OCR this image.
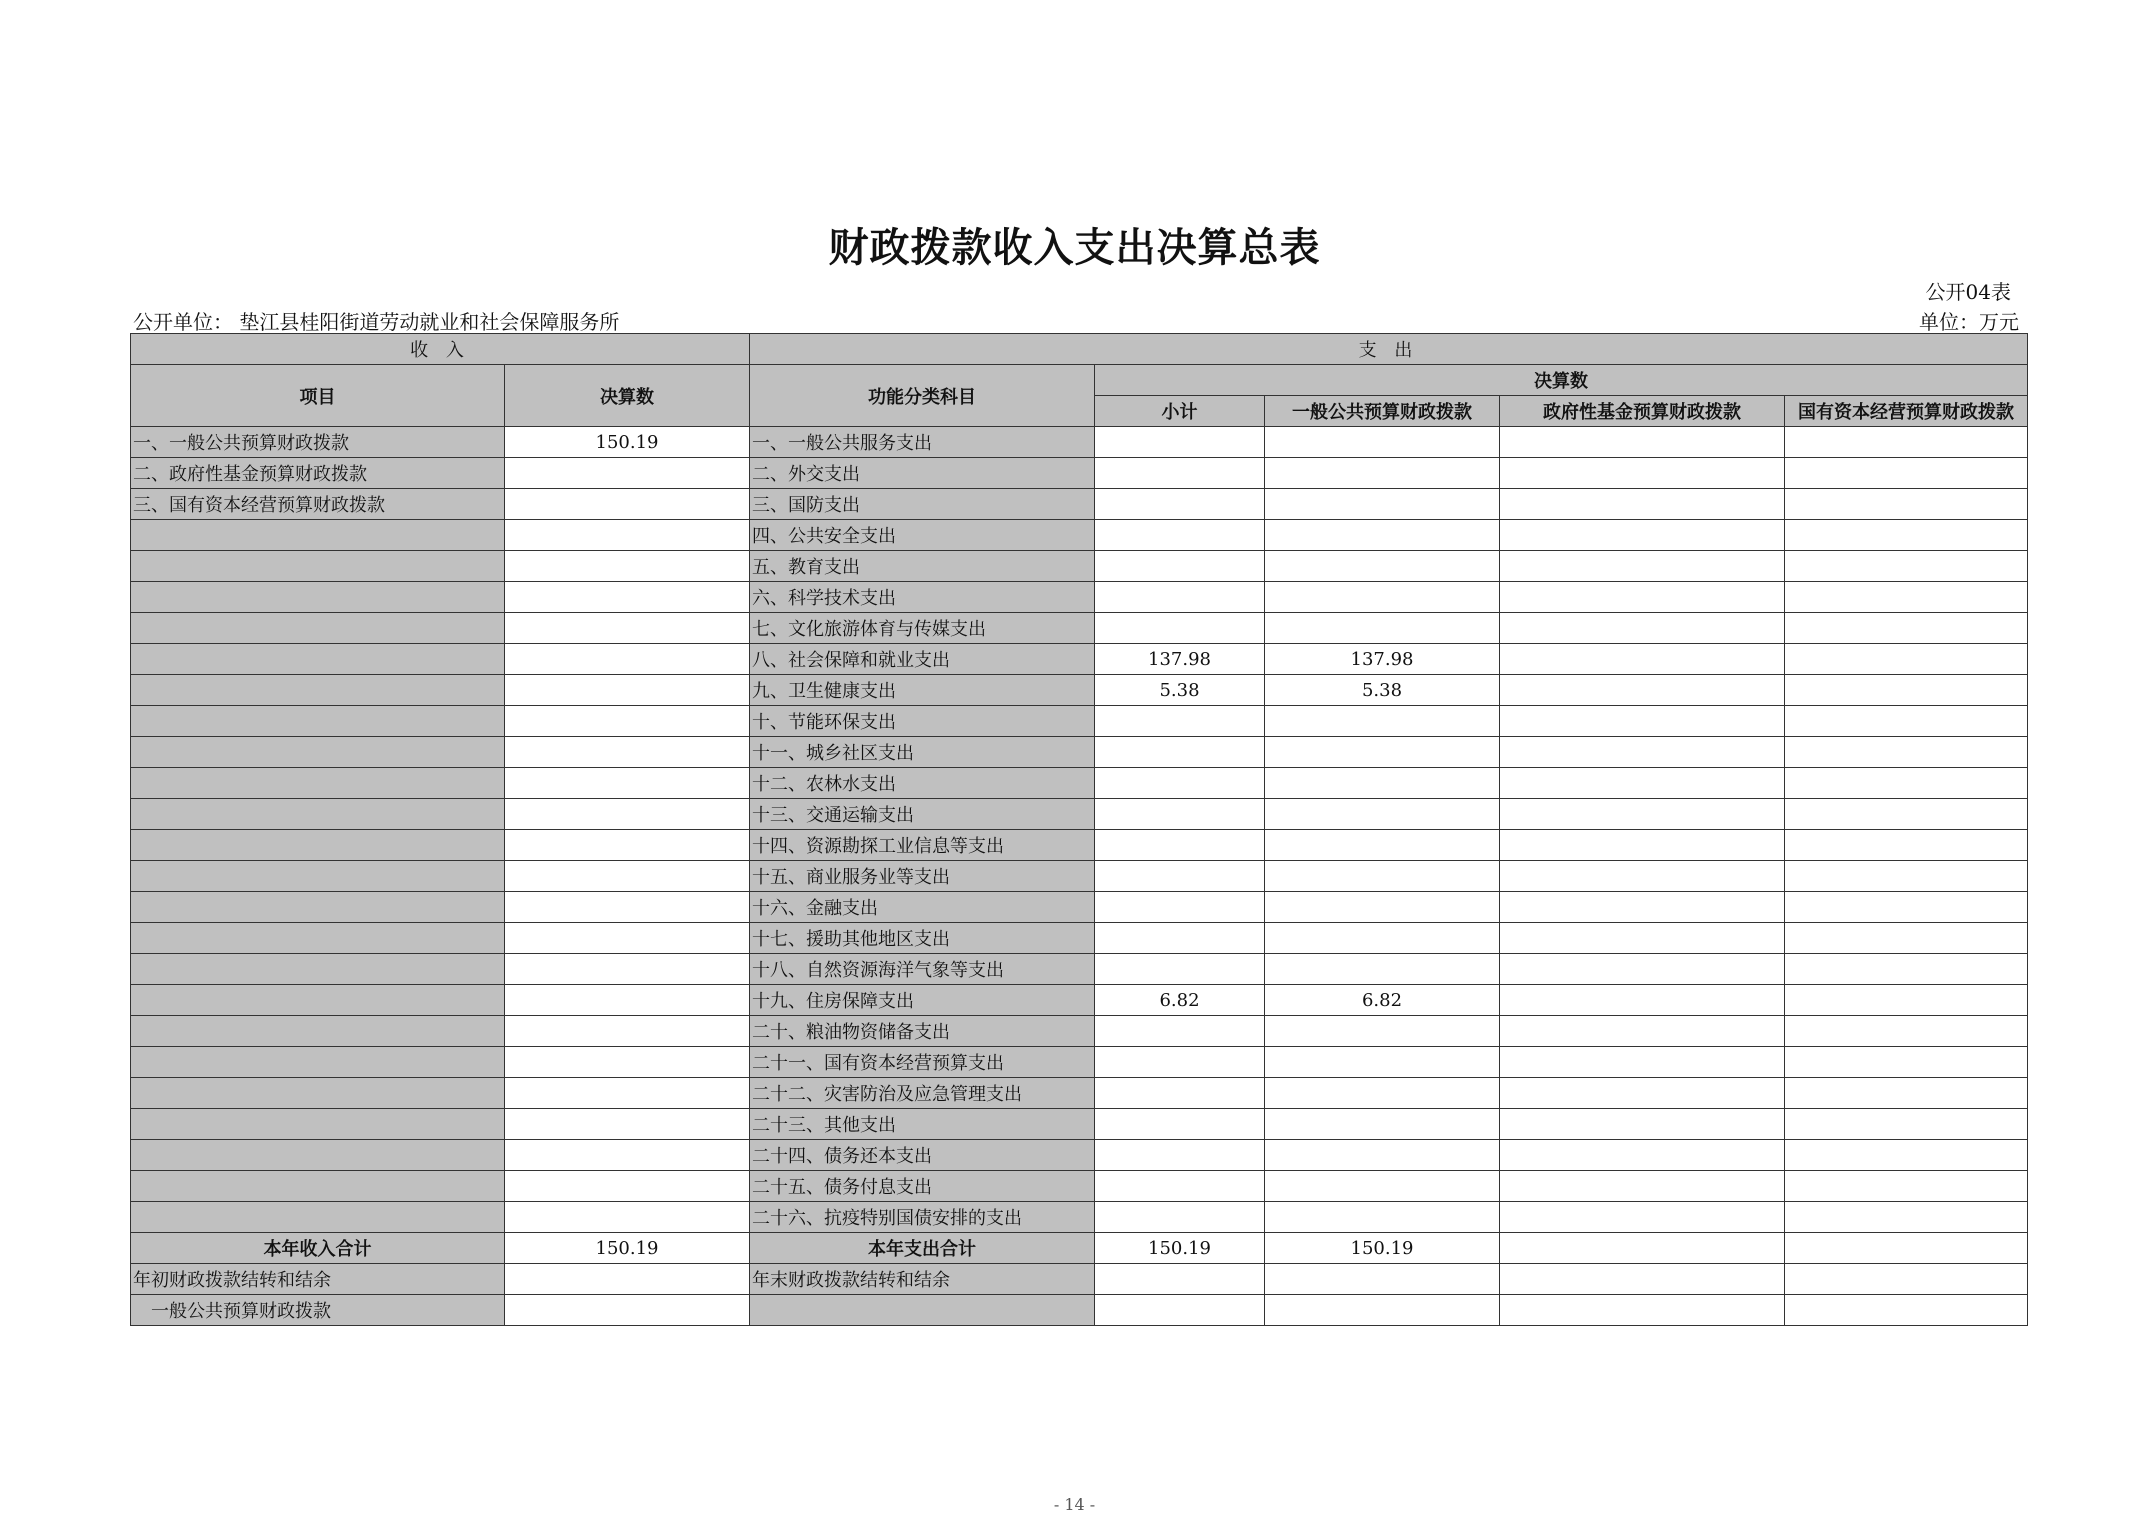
财政拨款收入支出决算总表
公开04表
公开单位： 垫江县桂阳街道劳动就业和社会保障服务所	单位：万元
收 入		支 出				
项目	决算数	功能分类科目	决算数			
			小计	一般公共预算财政拨款	政府性基金预算财政拨款	国有资本经营预算财政拨款
一、一般公共预算财政拨款	150.19	一、一般公共服务支出				
二、政府性基金预算财政拨款		二、外交支出				
三、国有资本经营预算财政拨款		三、国防支出				
		四、公共安全支出				
		五、教育支出				
		六、科学技术支出				
		七、文化旅游体育与传媒支出				
		八、社会保障和就业支出	137.98	137.98		
		九、卫生健康支出	5.38	5.38		
		十、节能环保支出				
		十一、城乡社区支出				
		十二、农林水支出				
		十三、交通运输支出				
		十四、资源勘探工业信息等支出				
		十五、商业服务业等支出				
		十六、金融支出				
		十七、援助其他地区支出				
		十八、自然资源海洋气象等支出				
		十九、住房保障支出	6.82	6.82		
		二十、粮油物资储备支出				
		二十一、国有资本经营预算支出				
		二十二、灾害防治及应急管理支出				
		二十三、其他支出				
		二十四、债务还本支出				
		二十五、债务付息支出				
		二十六、抗疫特别国债安排的支出				
本年收入合计	150.19	本年支出合计	150.19	150.19		
年初财政拨款结转和结余		年末财政拨款结转和结余				
一般公共预算财政拨款						
- 14 -
